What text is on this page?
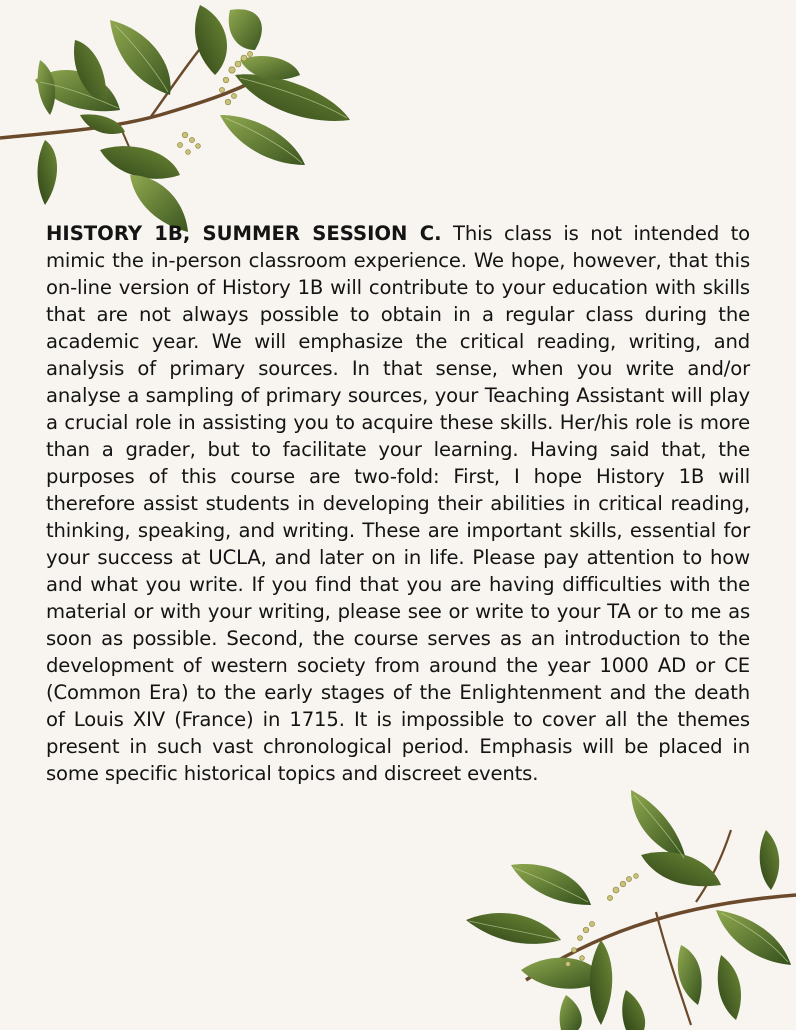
HISTORY 1B, SUMMER SESSION C. This class is not intended to mimic the in-person classroom experience. We hope, however, that this on-line version of History 1B will contribute to your education with skills that are not always possible to obtain in a regular class during the academic year. We will emphasize the critical reading, writing, and analysis of primary sources. In that sense, when you write and/or analyse a sampling of primary sources, your Teaching Assistant will play a crucial role in assisting you to acquire these skills. Her/his role is more than a grader, but to facilitate your learning. Having said that, the purposes of this course are two-fold: First, I hope History 1B will therefore assist students in developing their abilities in critical reading, thinking, speaking, and writing. These are important skills, essential for your success at UCLA, and later on in life. Please pay attention to how and what you write. If you find that you are having difficulties with the material or with your writing, please see or write to your TA or to me as soon as possible. Second, the course serves as an introduction to the development of western society from around the year 1000 AD or CE (Common Era) to the early stages of the Enlightenment and the death of Louis XIV (France) in 1715. It is impossible to cover all the themes present in such vast chronological period. Emphasis will be placed in some specific historical topics and discreet events.
